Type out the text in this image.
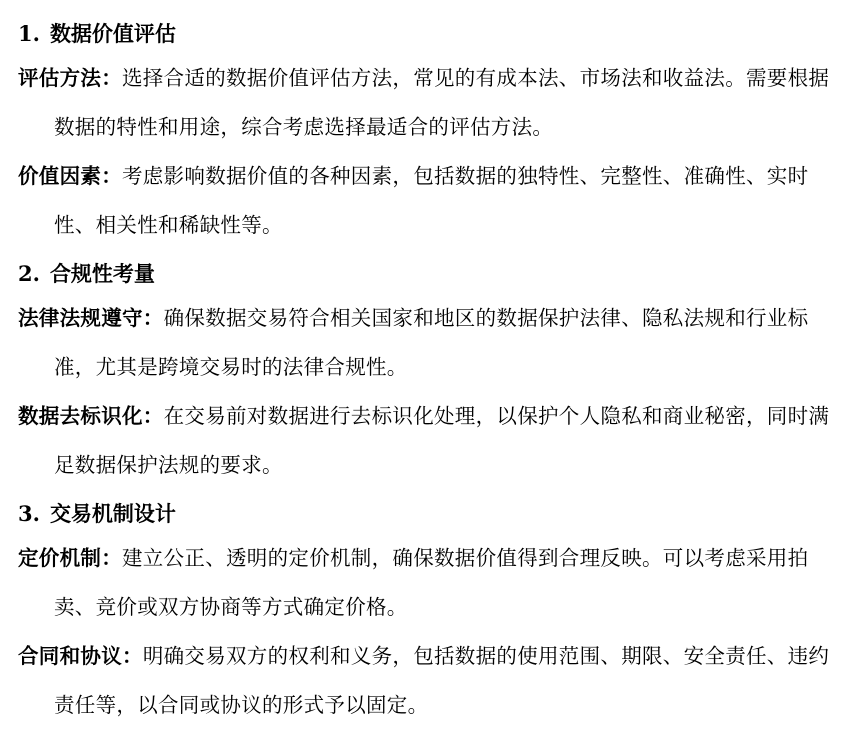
1. 数据价值评估

评估方法：选择合适的数据价值评估方法，常见的有成本法、市场法和收益法。需要根据数据的特性和用途，综合考虑选择最适合的评估方法。

价值因素：考虑影响数据价值的各种因素，包括数据的独特性、完整性、准确性、实时性、相关性和稀缺性等。

2. 合规性考量

法律法规遵守：确保数据交易符合相关国家和地区的数据保护法律、隐私法规和行业标准，尤其是跨境交易时的法律合规性。

数据去标识化：在交易前对数据进行去标识化处理，以保护个人隐私和商业秘密，同时满足数据保护法规的要求。

3. 交易机制设计

定价机制：建立公正、透明的定价机制，确保数据价值得到合理反映。可以考虑采用拍卖、竞价或双方协商等方式确定价格。

合同和协议：明确交易双方的权利和义务，包括数据的使用范围、期限、安全责任、违约责任等，以合同或协议的形式予以固定。
